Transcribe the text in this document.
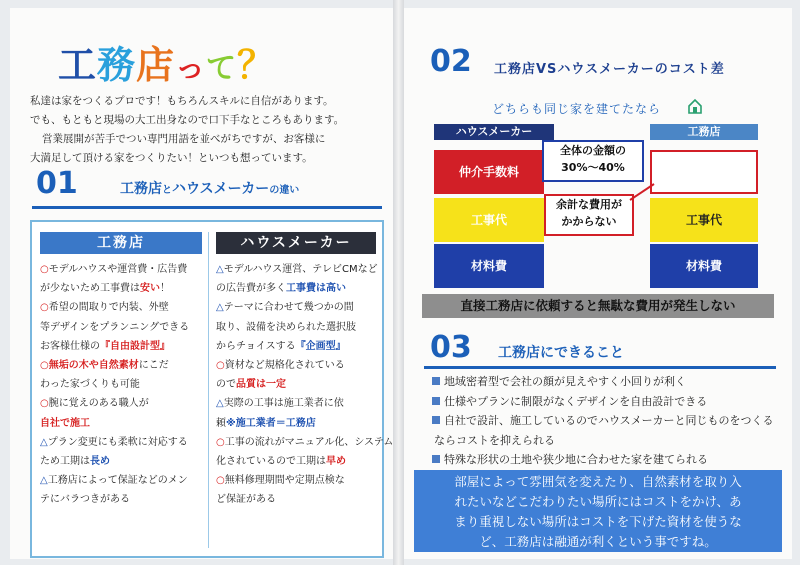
工務店って？
私達は家をつくるプロです！もちろんスキルに自信があります。
でも、もともと現場の大工出身なので口下手なところもあります。
営業展開が苦手でつい専門用語を並べがちですが、お客様に
大満足して頂ける家をつくりたい！といつも想っています。
01	工務店とハウスメーカーの違い
工務店
○モデルハウスや運営費・広告費
が少ないため工事費は安い！
○希望の間取りで内装、外壁
等デザインをプランニングできる
お客様仕様の『自由設計型』
○無垢の木や自然素材にこだ
わった家づくりも可能
○腕に覚えのある職人が
自社で施工
△プラン変更にも柔軟に対応する
ため工期は長め
△工務店によって保証などのメン
テにバラつきがある
ハウスメーカー
△モデルハウス運営、テレビCMなど
の広告費が多く工事費は高い
△テーマに合わせて幾つかの間
取り、設備を決められた選択肢
からチョイスする『企画型』
○資材など規格化されている
ので品質は一定
△実際の工事は施工業者に依
頼※施工業者＝工務店
○工事の流れがマニュアル化、システム
化されているので工期は早め
○無料修理期間や定期点検な
ど保証がある
02 工務店VSハウスメーカーのコスト差
どちらも同じ家を建てたなら
ハウスメーカー	工務店
仲介手数料
工事代
材料費
工事代
材料費
全体の金額の
30%～40%
余計な費用が
かからない
直接工務店に依頼すると無駄な費用が発生しない
03 工務店にできること
地域密着型で会社の顔が見えやすく小回りが利く
仕様やプランに制限がなくデザインを自由設計できる
自社で設計、施工しているのでハウスメーカーと同じものをつくる
ならコストを抑えられる
特殊な形状の土地や狭少地に合わせた家を建てられる
部屋によって雰囲気を変えたり、自然素材を取り入
れたいなどこだわりたい場所にはコストをかけ、あ
まり重視しない場所はコストを下げた資材を使うな
ど、工務店は融通が利くという事ですね。
